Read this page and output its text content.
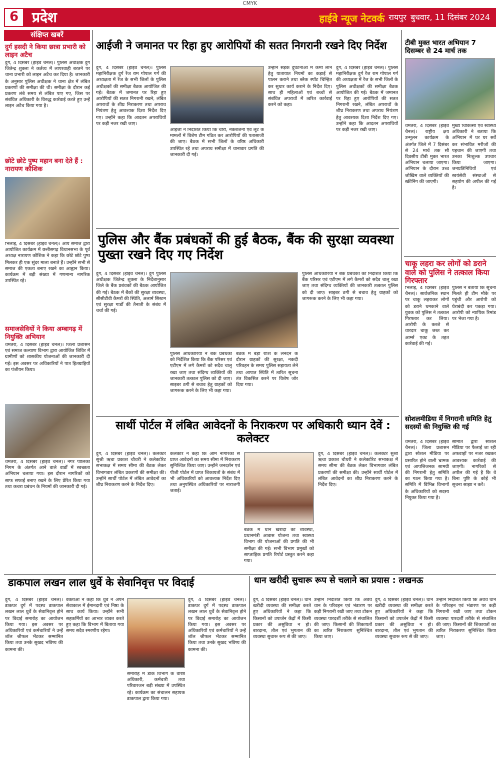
CMYK
6 प्रदेश	हाईवे न्यूज नेटवर्क रायपुर बुधवार, 11 दिसंबर 2024
संक्षिप्त खबरें
दुर्ग हसदी ने किया छात्रा प्रभारी को लाइन अटैच
दुर्ग, 4 दिसंबर (हाईवे चैनल)। पुलिस अधीक्षक दुर्ग जितेन्द्र शुक्ला ने कर्तव्य में लापरवाही बरतने पर थाना प्रभारी को लाइन अटैच कर दिया है। जानकारी के अनुसार पुलिस अधीक्षक ने थाना क्षेत्र में लंबित प्रकरणों की समीक्षा की थी। समीक्षा के दौरान कई प्रकरण लंबे समय से लंबित पाए गए, जिस पर संबंधित अधिकारी के विरुद्ध कार्रवाई करते हुए उन्हें लाइन अटैच किया गया है।
छोटे छोटे पुष्प महान बना देते हैं : नारायण कौशिक
भिलाई, 4 दिसंबर (हाईवे चैनल)। आर्य समाज द्वारा आयोजित कार्यक्रम में छत्तीसगढ़ विधानसभा के पूर्व अध्यक्ष नारायण कौशिक ने कहा कि छोटे छोटे पुष्प मिलकर ही एक सुंदर माला बनाते हैं। उन्होंने सभी से समाज की एकता बनाए रखने का आह्वान किया। कार्यक्रम में बड़ी संख्या में गणमान्य नागरिक उपस्थित रहे।
समाजसेवियों ने किया अम्बागढ़ में नियुक्ति अभियान
धमतरी, 4 दिसंबर (हाईवे चैनल)। जिला प्रशासन एवं समाज कल्याण विभाग द्वारा आयोजित शिविर में ग्रामीणों को शासकीय योजनाओं की जानकारी दी गई। इस अवसर पर अधिकारियों ने पात्र हितग्राहियों का पंजीयन किया।
धमतरी, 4 दिसंबर (हाईवे चैनल)। नगर पालिका निगम के अंतर्गत आने वाले वार्डों में स्वच्छता अभियान चलाया गया। इस दौरान नागरिकों को साफ सफाई बनाए रखने के लिए प्रेरित किया गया तथा कचरा प्रबंधन के नियमों की जानकारी दी गई।
आईजी ने जमानत पर रिहा हुए आरोपियों की सतत निगरानी रखने दिए निर्देश
दुर्ग, 4 दिसंबर (हाईवे चैनल)। पुलिस महानिरीक्षक दुर्ग रेंज राम गोपाल गर्ग की अध्यक्षता में रेंज के सभी जिलों के पुलिस अधीक्षकों की समीक्षा बैठक आयोजित की गई। बैठक में जमानत पर रिहा हुए आरोपियों की सतत निगरानी रखने, लंबित अपराधों के शीघ्र निराकरण तथा अपराध नियंत्रण हेतु आवश्यक दिशा निर्देश दिए गए। उन्होंने कहा कि आदतन अपराधियों पर कड़ी नजर रखी जाए।
आईजी ने निर्देशित किया कि चोरी, नकबजनी एवं लूट के मामलों में विशेष टीम गठित कर आरोपियों की पतासाजी की जाए। बैठक में सभी जिलों के वरिष्ठ अधिकारी उपस्थित रहे तथा अपराध समीक्षा में थानावार प्रगति की जानकारी दी गई।
उन्होंने सड़क दुर्घटनाओं में कमी लाने हेतु यातायात नियमों का कड़ाई से पालन कराने तथा ब्लैक स्पॉट चिन्हित कर सुधार कार्य कराने के निर्देश दिए। साथ ही महिलाओं एवं बच्चों से संबंधित अपराधों में त्वरित कार्रवाई करने को कहा।
दुर्ग, 4 दिसंबर (हाईवे चैनल)। पुलिस महानिरीक्षक दुर्ग रेंज राम गोपाल गर्ग की अध्यक्षता में रेंज के सभी जिलों के पुलिस अधीक्षकों की समीक्षा बैठक आयोजित की गई। बैठक में जमानत पर रिहा हुए आरोपियों की सतत निगरानी रखने, लंबित अपराधों के शीघ्र निराकरण तथा अपराध नियंत्रण हेतु आवश्यक दिशा निर्देश दिए गए। उन्होंने कहा कि आदतन अपराधियों पर कड़ी नजर रखी जाए।
पुलिस और बैंक प्रबंधकों की हुई बैठक, बैंक की सुरक्षा व्यवस्था पुख्ता रखने दिए गए निर्देश
दुर्ग, 4 दिसंबर (हाईवे चैनल)। दुर्ग पुलिस अधीक्षक जितेन्द्र शुक्ला के निर्देशानुसार जिले के बैंक प्रबंधकों की बैठक आयोजित की गई। बैठक में बैंकों की सुरक्षा व्यवस्था, सीसीटीवी कैमरों की स्थिति, अलार्म सिस्टम एवं सुरक्षा गार्डों की तैनाती के संबंध में चर्चा की गई।
पुलिस अधिकारियों ने बैंक प्रबंधकों को निर्देशित किया कि बैंक परिसर एवं एटीएम में लगे कैमरों को सदैव चालू रखा जाए तथा संदिग्ध व्यक्तियों की जानकारी तत्काल पुलिस को दी जाए। साइबर ठगी से बचाव हेतु ग्राहकों को जागरूक करने के लिए भी कहा गया।
बैठक में बड़ी राशि के लेनदेन के दौरान ग्राहकों की सुरक्षा, नकदी परिवहन के समय पुलिस सहायता लेने तथा आपात स्थिति में त्वरित सूचना तंत्र विकसित करने पर विशेष जोर दिया गया।
पुलिस अधिकारियों ने बैंक प्रबंधकों को निर्देशित किया कि बैंक परिसर एवं एटीएम में लगे कैमरों को सदैव चालू रखा जाए तथा संदिग्ध व्यक्तियों की जानकारी तत्काल पुलिस को दी जाए। साइबर ठगी से बचाव हेतु ग्राहकों को जागरूक करने के लिए भी कहा गया।
सार्थी पोर्टल में लंबित आवेदनों के निराकरण पर अधिकारी ध्यान देवें : कलेक्टर
दुर्ग, 4 दिसंबर (हाईवे चैनल)। कलेक्टर सुश्री ऋचा प्रकाश चौधरी ने कलेक्टोरेट सभाकक्ष में समय सीमा की बैठक लेकर विभागवार लंबित प्रकरणों की समीक्षा की। उन्होंने सार्थी पोर्टल में लंबित आवेदनों का शीघ्र निराकरण करने के निर्देश दिए।
कलेक्टर ने कहा कि आम नागरिकों से प्राप्त आवेदनों का समय सीमा में निराकरण सुनिश्चित किया जाए। उन्होंने जनदर्शन एवं पीजी पोर्टल में प्राप्त शिकायतों के संबंध में भी अधिकारियों को आवश्यक निर्देश दिए तथा अनुपस्थित अधिकारियों पर नाराजगी जताई।
बैठक में धान खरीदी की व्यवस्था, प्रधानमंत्री आवास योजना तथा स्वास्थ्य विभाग की योजनाओं की प्रगति की भी समीक्षा की गई। सभी विभाग प्रमुखों को साप्ताहिक प्रगति रिपोर्ट प्रस्तुत करने कहा गया।
दुर्ग, 4 दिसंबर (हाईवे चैनल)। कलेक्टर सुश्री ऋचा प्रकाश चौधरी ने कलेक्टोरेट सभाकक्ष में समय सीमा की बैठक लेकर विभागवार लंबित प्रकरणों की समीक्षा की। उन्होंने सार्थी पोर्टल में लंबित आवेदनों का शीघ्र निराकरण करने के निर्देश दिए।
डाकपाल लखन लाल धुर्वे के सेवानिवृत्त पर विदाई
दुर्ग, 4 दिसंबर (हाईवे चैनल)। डाकघर दुर्ग में पदस्थ डाकपाल लखन लाल धुर्वे के सेवानिवृत्त होने पर विदाई समारोह का आयोजन किया गया। इस अवसर पर अधिकारियों एवं कर्मचारियों ने उन्हें शॉल श्रीफल भेंटकर सम्मानित किया तथा उनके सुखद भविष्य की कामना की।
वक्ताओं ने कहा कि धुर्वे ने अपने सेवाकाल में ईमानदारी एवं निष्ठा के साथ कार्य किया। उन्होंने सभी सहकर्मियों का आभार व्यक्त करते हुए कहा कि विभाग में बिताया गया समय सदैव स्मरणीय रहेगा।
समारोह में डाक विभाग के वरिष्ठ अधिकारी, कर्मचारी तथा परिवारजन बड़ी संख्या में उपस्थित रहे। कार्यक्रम का संचालन सहायक डाकपाल द्वारा किया गया।
दुर्ग, 4 दिसंबर (हाईवे चैनल)। डाकघर दुर्ग में पदस्थ डाकपाल लखन लाल धुर्वे के सेवानिवृत्त होने पर विदाई समारोह का आयोजन किया गया। इस अवसर पर अधिकारियों एवं कर्मचारियों ने उन्हें शॉल श्रीफल भेंटकर सम्मानित किया तथा उनके सुखद भविष्य की कामना की।
धान खरीदी सुचारू रूप से चलाने का प्रयास : लखनऊ
दुर्ग, 4 दिसंबर (हाईवे चैनल)। धान खरीदी व्यवस्था की समीक्षा करते हुए अधिकारियों ने कहा कि किसानों को उपार्जन केंद्रों में किसी प्रकार की असुविधा न हो। बारदाना, तौल एवं भुगतान की व्यवस्था सुचारू रूप से की जाए।
उन्होंने निर्देशित किया कि अवैध धान के परिवहन एवं भंडारण पर कड़ी निगरानी रखी जाए तथा टोकन व्यवस्था पारदर्शी तरीके से संचालित की जाए। किसानों की शिकायतों का त्वरित निराकरण सुनिश्चित किया जाए।
दुर्ग, 4 दिसंबर (हाईवे चैनल)। धान खरीदी व्यवस्था की समीक्षा करते हुए अधिकारियों ने कहा कि किसानों को उपार्जन केंद्रों में किसी प्रकार की असुविधा न हो। बारदाना, तौल एवं भुगतान की व्यवस्था सुचारू रूप से की जाए।
उन्होंने निर्देशित किया कि अवैध धान के परिवहन एवं भंडारण पर कड़ी निगरानी रखी जाए तथा टोकन व्यवस्था पारदर्शी तरीके से संचालित की जाए। किसानों की शिकायतों का त्वरित निराकरण सुनिश्चित किया जाए।
टीबी मुक्त भारत अभियान 7 दिसम्बर से 24 मार्च तक
धमतरी, 4 दिसंबर (हाईवे चैनल)। राष्ट्रीय क्षय उन्मूलन कार्यक्रम के अंतर्गत जिले में 7 दिसंबर से 24 मार्च तक सौ दिवसीय टीबी मुक्त भारत अभियान चलाया जाएगा। अभियान के दौरान उच्च जोखिम वाले व्यक्तियों की स्क्रीनिंग की जाएगी।
मुख्य चिकित्सा एवं स्वास्थ्य अधिकारी ने बताया कि अभियान में घर घर सर्वे कर संभावित मरीजों की पहचान की जाएगी तथा उनका निःशुल्क उपचार किया जाएगा। जनप्रतिनिधियों एवं स्वयंसेवी संस्थाओं से सहयोग की अपील की गई है।
चाकू लहरा कर लोगों को डराने वाले को पुलिस ने तत्काल किया गिरफ्तार
भिलाई, 4 दिसंबर (हाईवे चैनल)। सार्वजनिक स्थान पर चाकू लहराकर लोगों को डराने धमकाने वाले युवक को पुलिस ने तत्काल गिरफ्तार कर लिया। आरोपी के कब्जे से धारदार चाकू जब्त कर आर्म्स एक्ट के तहत कार्रवाई की गई।
पुलिस ने बताया कि सूचना मिलते ही टीम मौके पर पहुंची और आरोपी को घेराबंदी कर पकड़ा गया। आरोपी को न्यायिक रिमांड पर भेजा गया है।
सोशलमीडिया में निगरानी समिति हेतु सदस्यों की नियुक्ति की गई
धमतरी, 4 दिसंबर (हाईवे चैनल)। जिला प्रशासन द्वारा सोशल मीडिया पर प्रसारित होने वाली भ्रामक एवं आपत्तिजनक सामग्री की निगरानी हेतु समिति का गठन किया गया है। समिति में विभिन्न विभागों के अधिकारियों को सदस्य नियुक्त किया गया है।
समिति द्वारा सोशल मीडिया पर फैलाई जा रही अफवाहों पर नजर रखकर आवश्यक कार्रवाई की जाएगी। नागरिकों से अपील की गई है कि वे बिना पुष्टि के कोई भी सूचना साझा न करें।
